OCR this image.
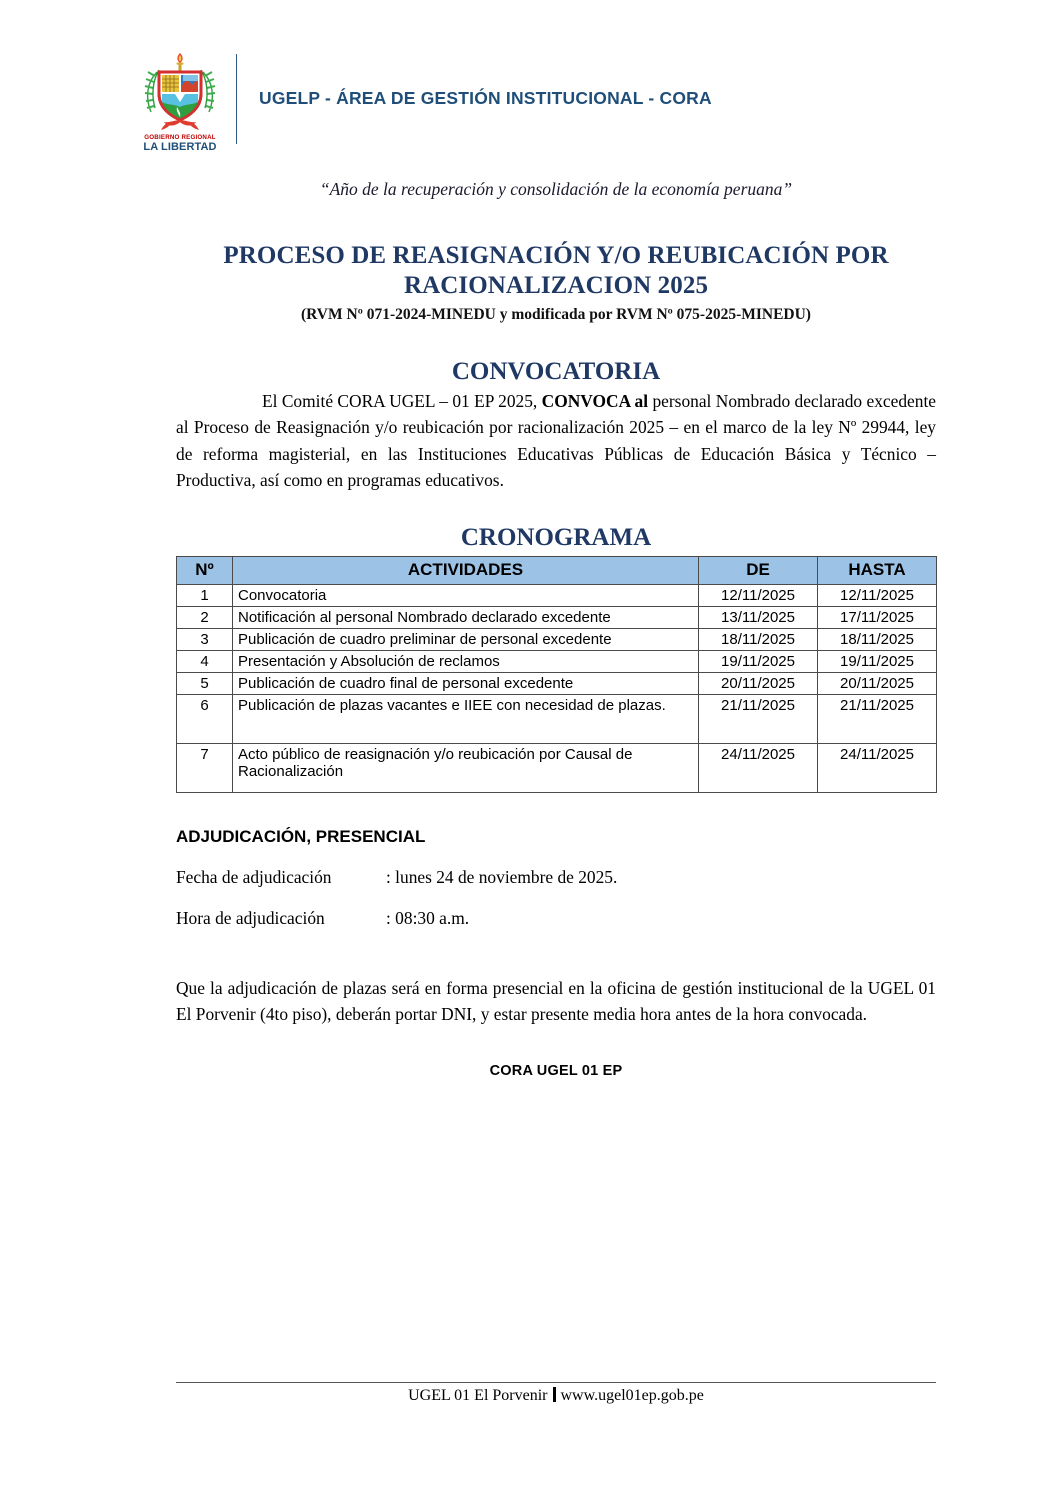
GOBIERNO REGIONAL
LA LIBERTAD
UGELP - ÁREA DE GESTIÓN INSTITUCIONAL - CORA

“Año de la recuperación y consolidación de la economía peruana”

PROCESO DE REASIGNACIÓN Y/O REUBICACIÓN POR
RACIONALIZACION 2025

(RVM Nº 071-2024-MINEDU y modificada por RVM Nº 075-2025-MINEDU)

CONVOCATORIA

El Comité CORA UGEL – 01 EP 2025, CONVOCA al personal Nombrado declarado excedente al Proceso de Reasignación y/o reubicación por racionalización 2025 – en el marco de la ley Nº 29944, ley de reforma magisterial, en las Instituciones Educativas Públicas de Educación Básica y Técnico – Productiva, así como en programas educativos.

CRONOGRAMA
Nº	ACTIVIDADES	DE	HASTA
1	Convocatoria	12/11/2025	12/11/2025
2	Notificación al personal Nombrado declarado excedente	13/11/2025	17/11/2025
3	Publicación de cuadro preliminar de personal excedente	18/11/2025	18/11/2025
4	Presentación y Absolución de reclamos	19/11/2025	19/11/2025
5	Publicación de cuadro final de personal excedente	20/11/2025	20/11/2025
6	Publicación de plazas vacantes e IIEE con necesidad de plazas.	21/11/2025	21/11/2025
7	Acto público de reasignación y/o reubicación por Causal de Racionalización	24/11/2025	24/11/2025

ADJUDICACIÓN, PRESENCIAL

Fecha de adjudicación	: lunes 24 de noviembre de 2025.
Hora de adjudicación	: 08:30 a.m.

Que la adjudicación de plazas será en forma presencial en la oficina de gestión institucional de la UGEL 01 El Porvenir (4to piso), deberán portar DNI, y estar presente media hora antes de la hora convocada.

CORA UGEL 01 EP

UGEL 01 El Porvenir www.ugel01ep.gob.pe
